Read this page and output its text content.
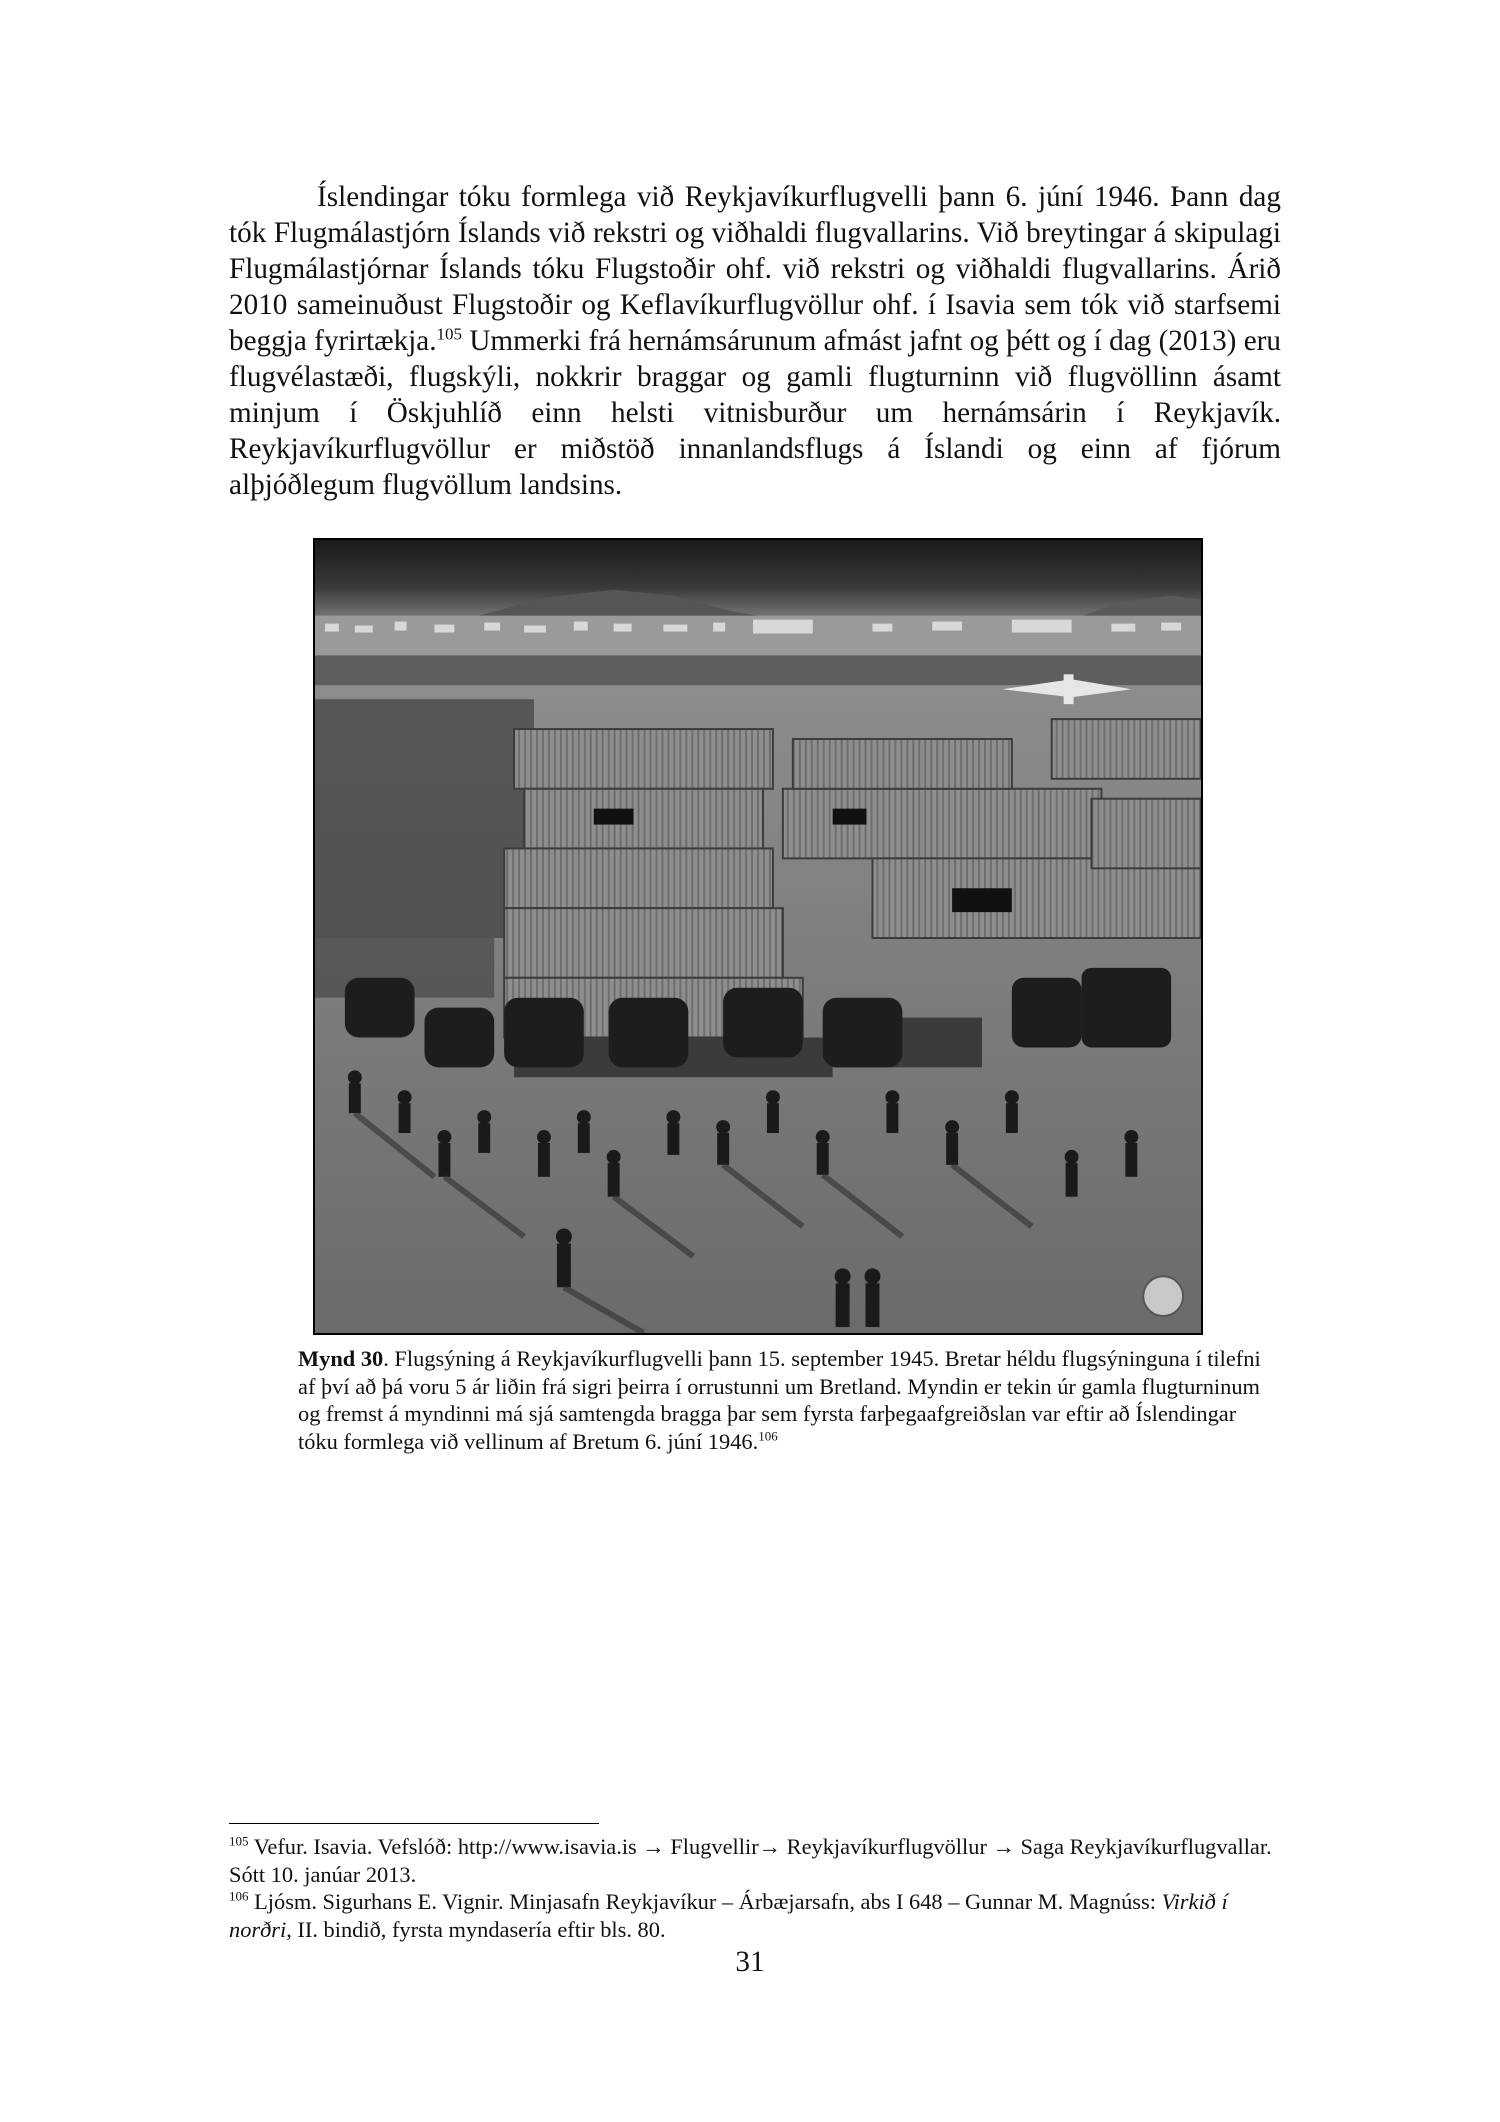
Íslendingar tóku formlega við Reykjavíkurflugvelli þann 6. júní 1946. Þann dag tók Flugmálastjórn Íslands við rekstri og viðhaldi flugvallarins. Við breytingar á skipulagi Flugmálastjórnar Íslands tóku Flugstoðir ohf. við rekstri og viðhaldi flugvallarins. Árið 2010 sameinuðust Flugstoðir og Keflavíkurflugvöllur ohf. í Isavia sem tók við starfsemi beggja fyrirtækja.$^{105}$ Ummerki frá hernámsárunum afmást jafnt og þétt og í dag (2013) eru flugvélastæði, flugskýli, nokkrir braggar og gamli flugturninn við flugvöllinn ásamt minjum í Öskjuhlíð einn helsti vitnisburður um hernámsárin í Reykjavík. Reykjavíkurflugvöllur er miðstöð innanlandsflugs á Íslandi og einn af fjórum alþjóðlegum flugvöllum landsins.
Mynd 30. Flugsýning á Reykjavíkurflugvelli þann 15. september 1945. Bretar héldu flugsýninguna í tilefni af því að þá voru 5 ár liðin frá sigri þeirra í orrustunni um Bretland. Myndin er tekin úr gamla flugturninum og fremst á myndinni má sjá samtengda bragga þar sem fyrsta farþegaafgreiðslan var eftir að Íslendingar tóku formlega við vellinum af Bretum 6. júní 1946.$^{106}$
$^{105}$ Vefur. Isavia. Vefslóð: http://www.isavia.is → Flugvellir→ Reykjavíkurflugvöllur → Saga Reykjavíkurflugvallar. Sótt 10. janúar 2013.
$^{106}$ Ljósm. Sigurhans E. Vignir. Minjasafn Reykjavíkur – Árbæjarsafn, abs I 648 – Gunnar M. Magnúss: Virkið í norðri, II. bindið, fyrsta myndasería eftir bls. 80.
31
